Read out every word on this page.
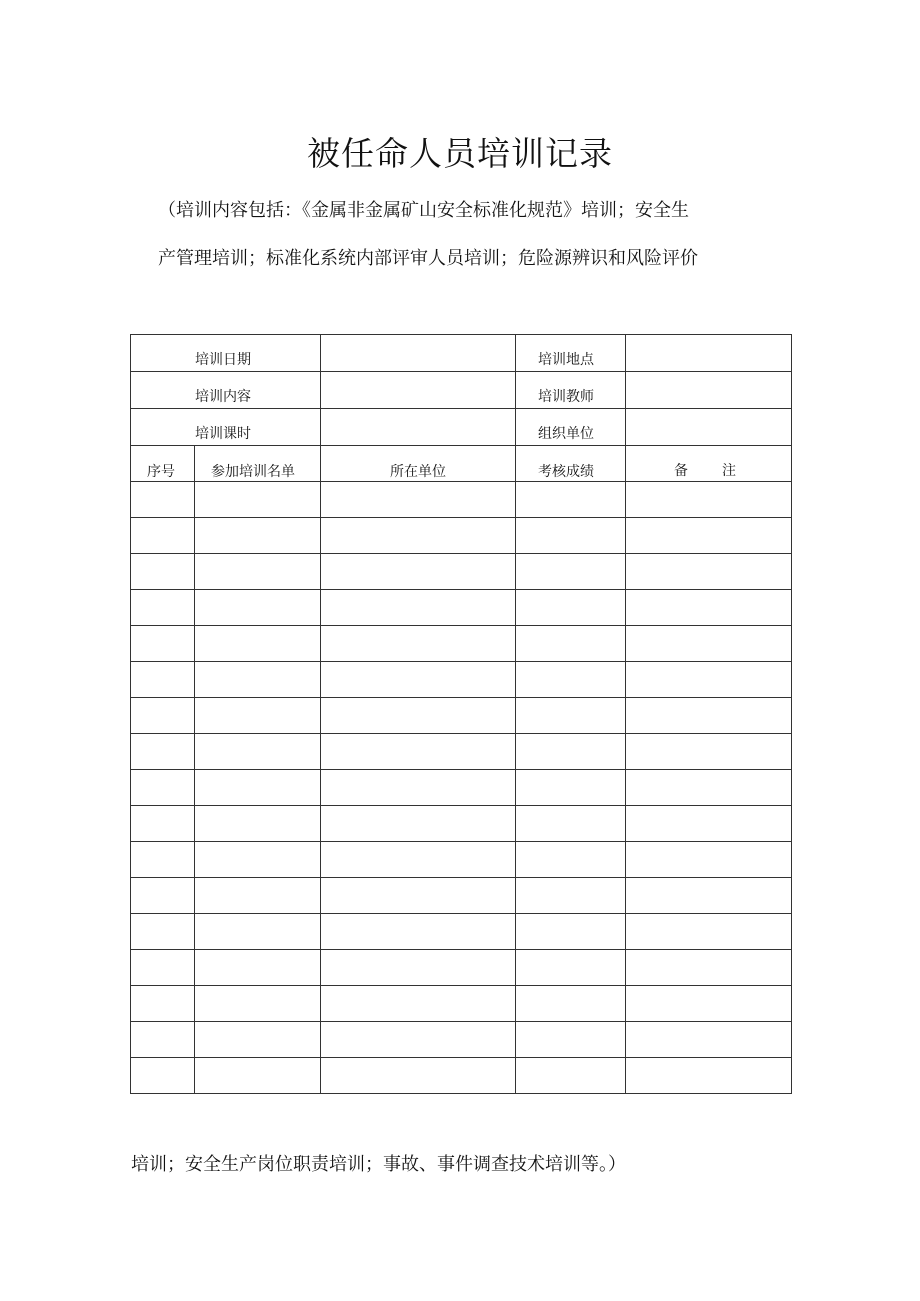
被任命人员培训记录
（培训内容包括：《金属非金属矿山安全标准化规范》培训；安全生
产管理培训；标准化系统内部评审人员培训；危险源辨识和风险评价
培训日期			培训地点	
培训内容			培训教师	
培训课时			组织单位	
序号	参加培训名单	所在单位	考核成绩	备 注

培训；安全生产岗位职责培训；事故、事件调查技术培训等。）
